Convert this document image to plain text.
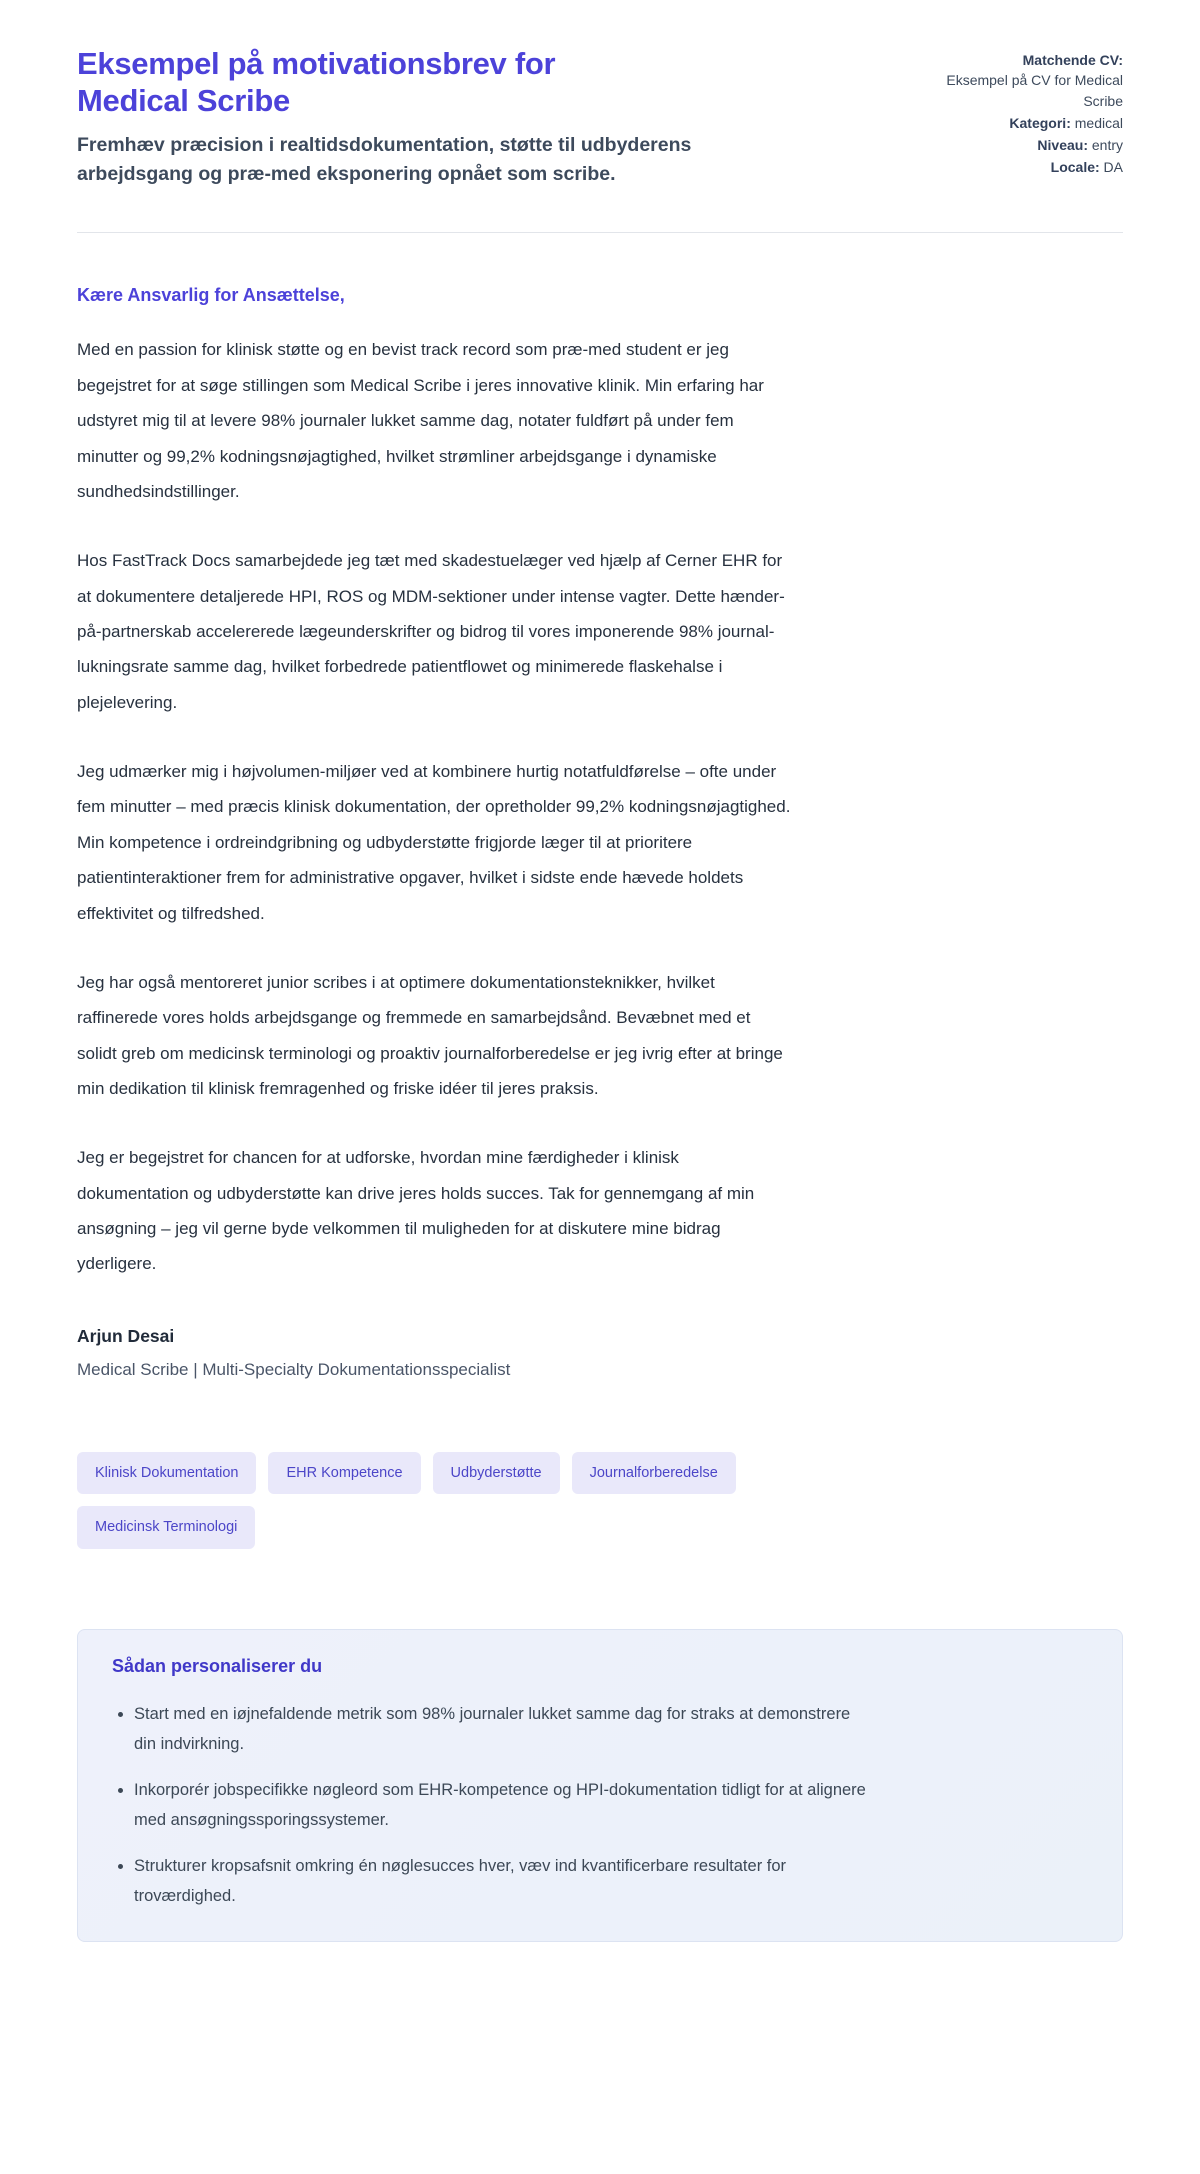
Eksempel på motivationsbrev for Medical Scribe

Fremhæv præcision i realtidsdokumentation, støtte til udbyderens arbejdsgang og præ-med eksponering opnået som scribe.

Matchende CV:
Eksempel på CV for Medical Scribe
Kategori: medical
Niveau: entry
Locale: DA

Kære Ansvarlig for Ansættelse,

Med en passion for klinisk støtte og en bevist track record som præ-med student er jeg begejstret for at søge stillingen som Medical Scribe i jeres innovative klinik. Min erfaring har udstyret mig til at levere 98% journaler lukket samme dag, notater fuldført på under fem minutter og 99,2% kodningsnøjagtighed, hvilket strømliner arbejdsgange i dynamiske sundhedsindstillinger.

Hos FastTrack Docs samarbejdede jeg tæt med skadestuelæger ved hjælp af Cerner EHR for at dokumentere detaljerede HPI, ROS og MDM-sektioner under intense vagter. Dette hænder-på-partnerskab accelererede lægeunderskrifter og bidrog til vores imponerende 98% journal-lukningsrate samme dag, hvilket forbedrede patientflowet og minimerede flaskehalse i plejelevering.

Jeg udmærker mig i højvolumen-miljøer ved at kombinere hurtig notatfuldførelse – ofte under fem minutter – med præcis klinisk dokumentation, der opretholder 99,2% kodningsnøjagtighed. Min kompetence i ordreindgribning og udbyderstøtte frigjorde læger til at prioritere patientinteraktioner frem for administrative opgaver, hvilket i sidste ende hævede holdets effektivitet og tilfredshed.

Jeg har også mentoreret junior scribes i at optimere dokumentationsteknikker, hvilket raffinerede vores holds arbejdsgange og fremmede en samarbejdsånd. Bevæbnet med et solidt greb om medicinsk terminologi og proaktiv journalforberedelse er jeg ivrig efter at bringe min dedikation til klinisk fremragenhed og friske idéer til jeres praksis.

Jeg er begejstret for chancen for at udforske, hvordan mine færdigheder i klinisk dokumentation og udbyderstøtte kan drive jeres holds succes. Tak for gennemgang af min ansøgning – jeg vil gerne byde velkommen til muligheden for at diskutere mine bidrag yderligere.

Arjun Desai

Medical Scribe | Multi-Specialty Dokumentationsspecialist

Klinisk Dokumentation	EHR Kompetence	Udbyderstøtte	Journalforberedelse
Medicinsk Terminologi
Sådan personaliserer du
• Start med en iøjnefaldende metrik som 98% journaler lukket samme dag for straks at demonstrere din indvirkning.
• Inkorporér jobspecifikke nøgleord som EHR-kompetence og HPI-dokumentation tidligt for at alignere med ansøgningssporingssystemer.
• Strukturer kropsafsnit omkring én nøglesucces hver, væv ind kvantificerbare resultater for troværdighed.
